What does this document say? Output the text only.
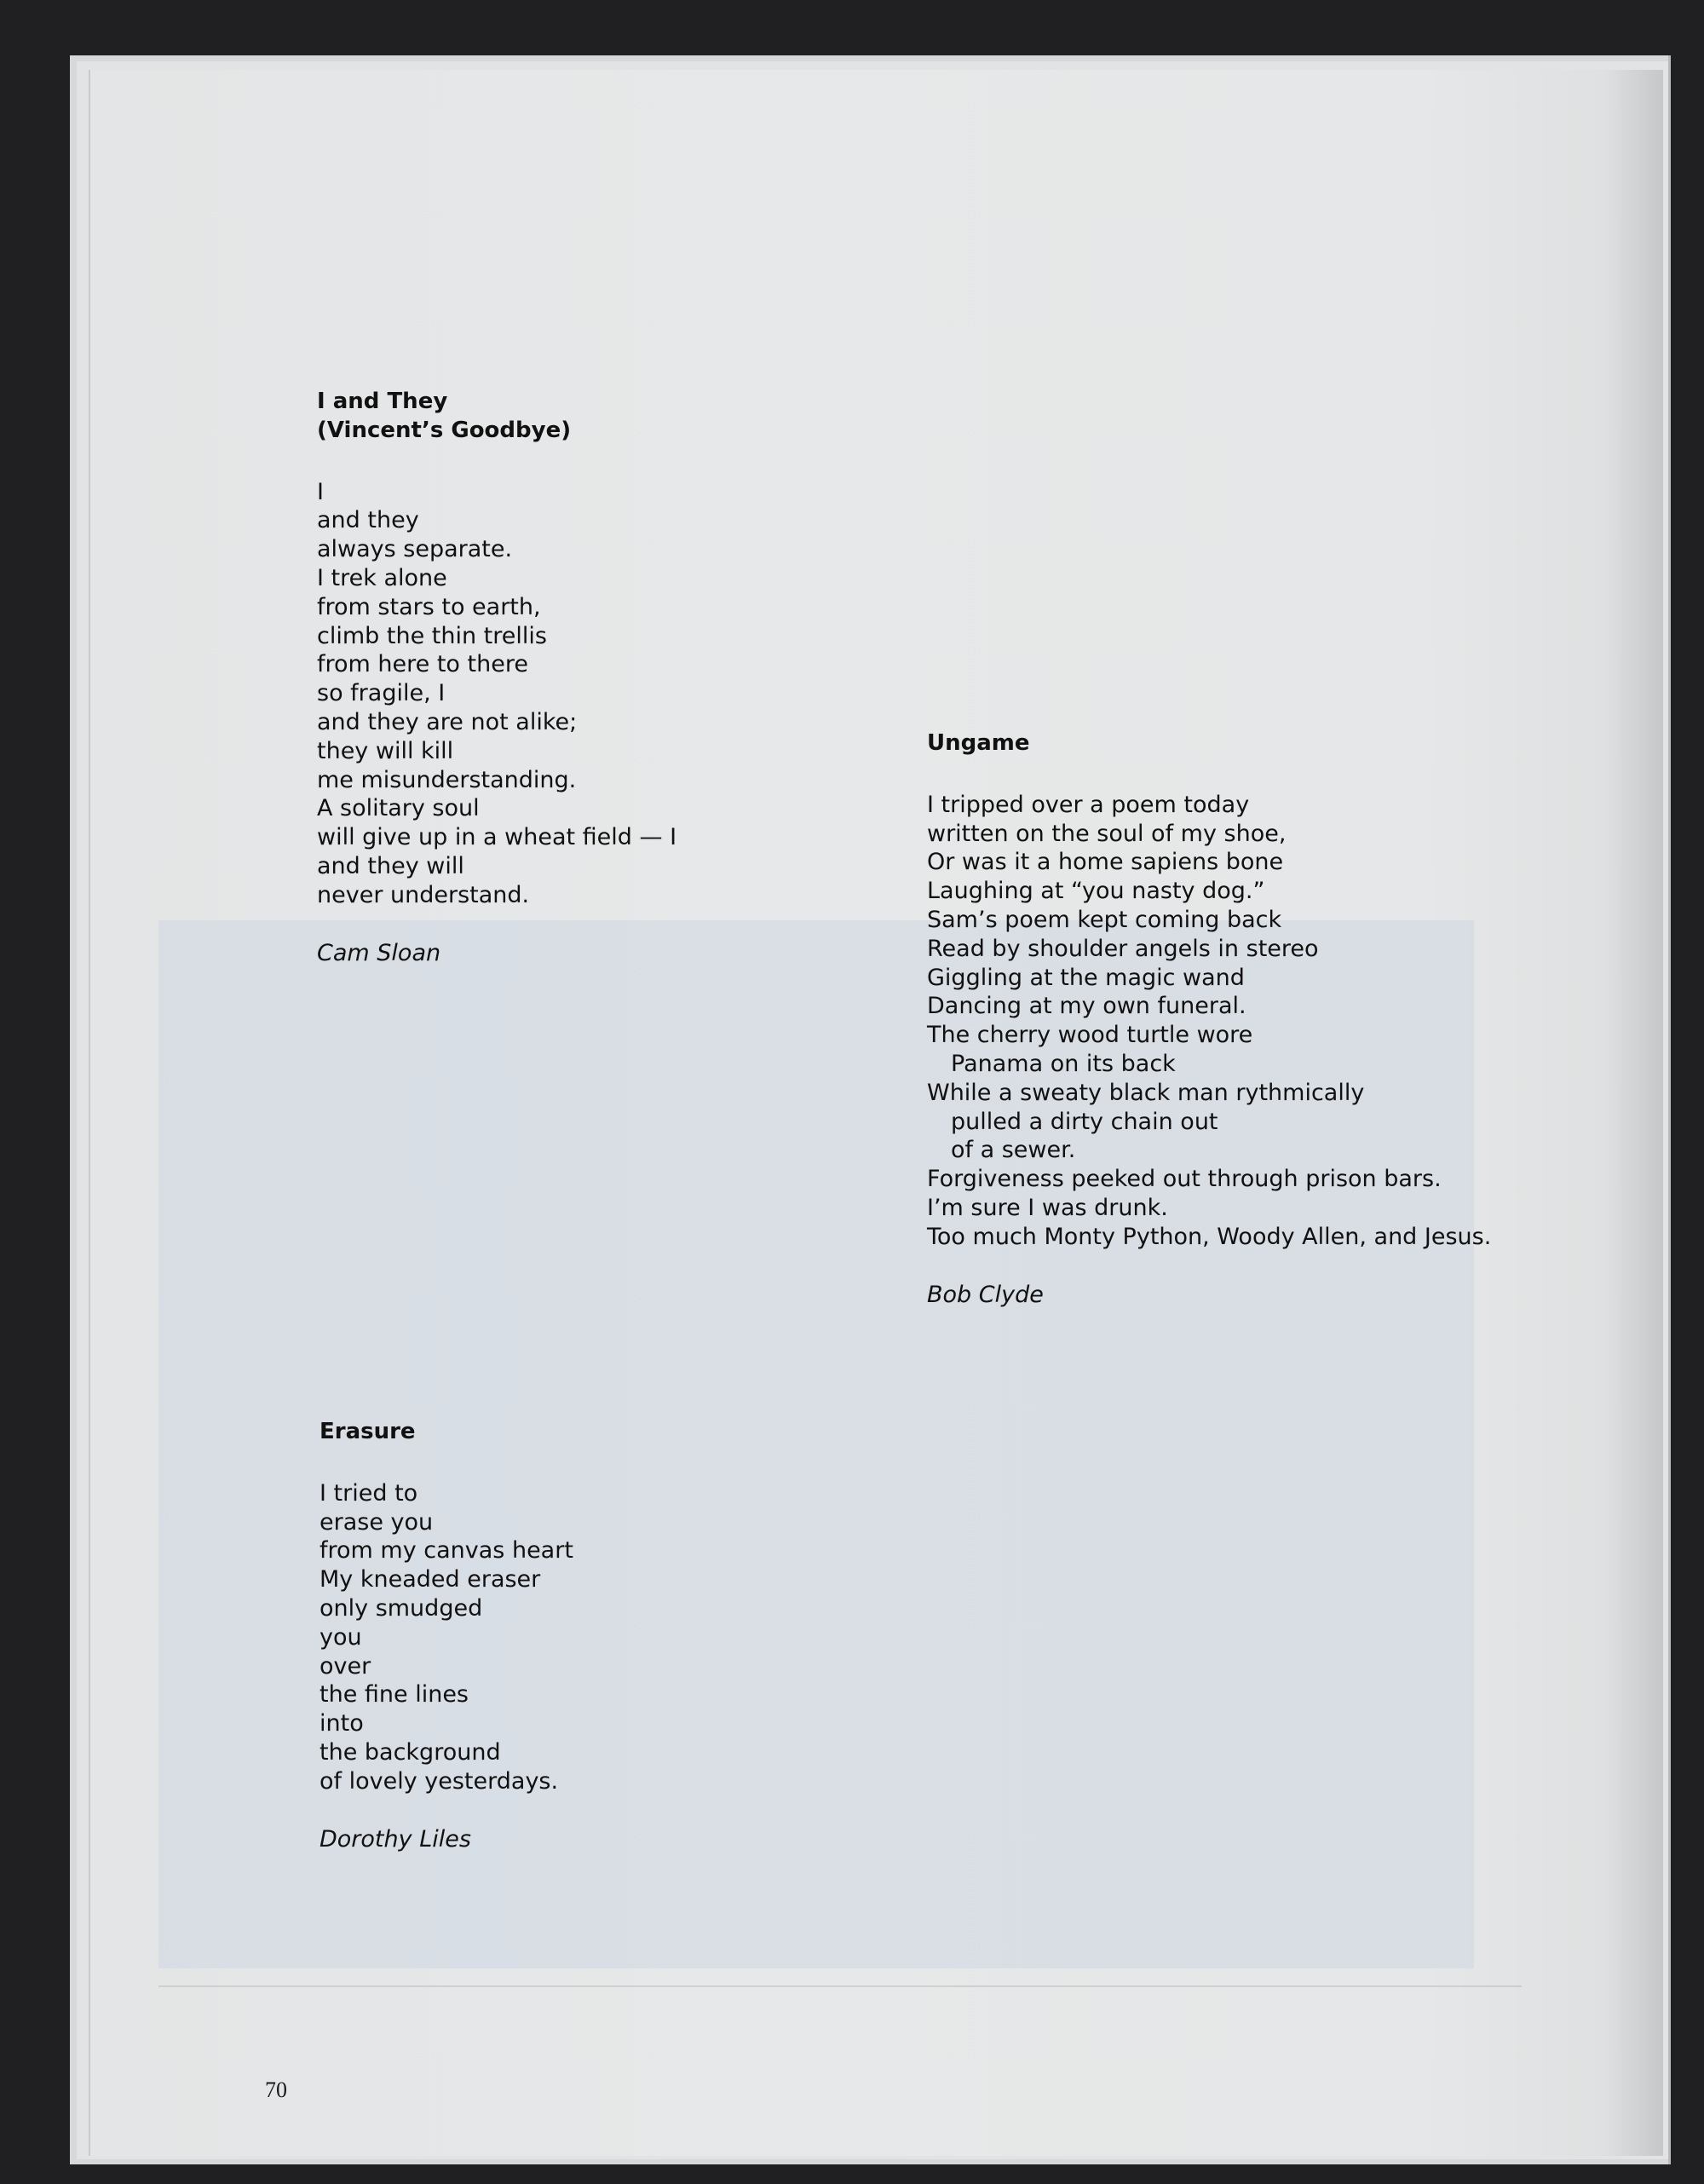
I and They
(Vincent’s Goodbye)
I
and they
always separate.
I trek alone
from stars to earth,
climb the thin trellis
from here to there
so fragile, I
and they are not alike;
they will kill
me misunderstanding.
A solitary soul
will give up in a wheat field — I
and they will
never understand.
Cam Sloan
Ungame
I tripped over a poem today
written on the soul of my shoe,
Or was it a home sapiens bone
Laughing at “you nasty dog.”
Sam’s poem kept coming back
Read by shoulder angels in stereo
Giggling at the magic wand
Dancing at my own funeral.
The cherry wood turtle wore
Panama on its back
While a sweaty black man rythmically
pulled a dirty chain out
of a sewer.
Forgiveness peeked out through prison bars.
I’m sure I was drunk.
Too much Monty Python, Woody Allen, and Jesus.
Bob Clyde
Erasure
I tried to
erase you
from my canvas heart
My kneaded eraser
only smudged
you
over
the fine lines
into
the background
of lovely yesterdays.
Dorothy Liles
70
